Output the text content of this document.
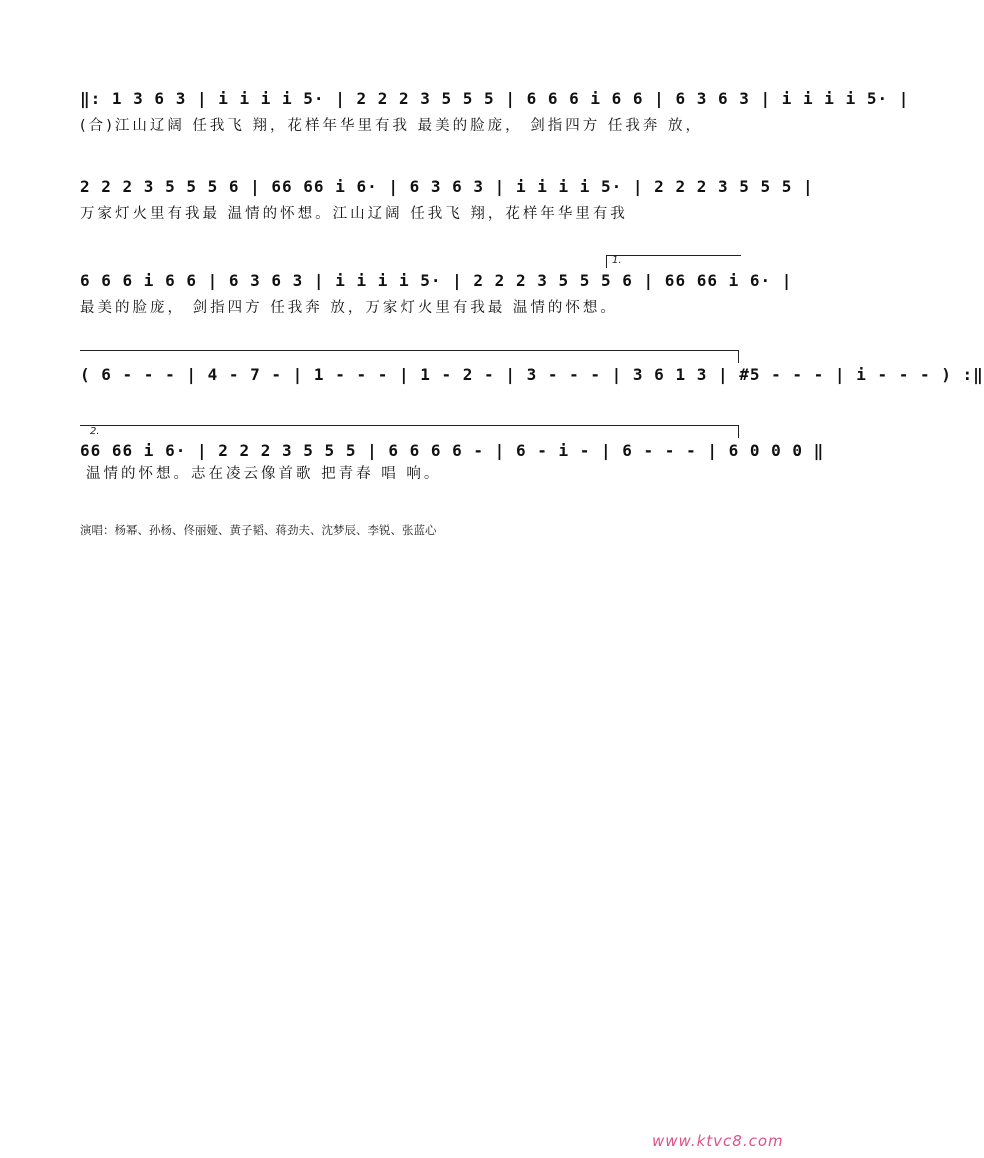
‖: 1 3 6 3 | i i i i 5· | 2 2 2 3 5 5 5 | 6 6 6 i 6 6 | 6 3 6 3 | i i i i 5· |
(合)江山辽阔 任我飞 翔，花样年华里有我 最美的脸庞， 剑指四方 任我奔 放，
2 2 2 3 5 5 5 6 | 66 66 i 6· | 6 3 6 3 | i i i i 5· | 2 2 2 3 5 5 5 |
万家灯火里有我最 温情的怀想。江山辽阔 任我飞 翔，花样年华里有我
1.
6 6 6 i 6 6 | 6 3 6 3 | i i i i 5· | 2 2 2 3 5 5 5 6 | 66 66 i 6· |
最美的脸庞， 剑指四方 任我奔 放，万家灯火里有我最 温情的怀想。
( 6 - - - | 4 - 7 - | 1 - - - | 1 - 2 - | 3 - - - | 3 6 1 3 | #5 - - - | i - - - ) :‖
2.
66 66 i 6· | 2 2 2 3 5 5 5 | 6 6 6 6 - | 6 - i - | 6 - - - | 6 0 0 0 ‖
温情的怀想。志在凌云像首歌 把青春 唱 响。
演唱：杨幂、孙杨、佟丽娅、黄子韬、蒋劲夫、沈梦辰、李锐、张蓝心
www.ktvc8.com
